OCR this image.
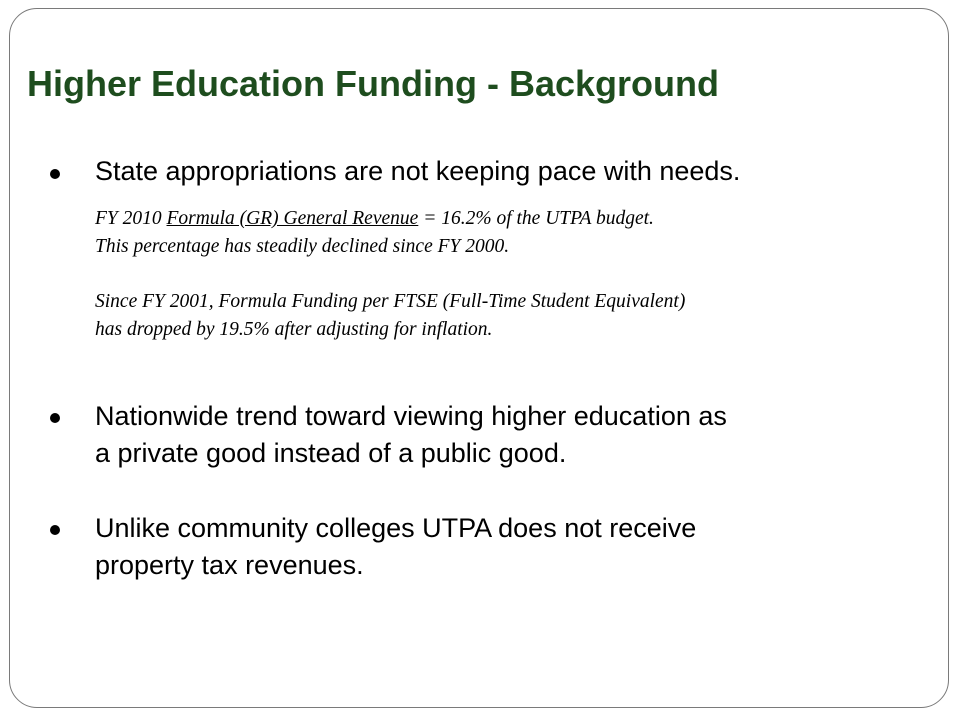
Higher Education Funding - Background

State appropriations are not keeping pace with needs.

FY 2010 Formula (GR) General Revenue = 16.2% of the UTPA budget.
This percentage has steadily declined since FY 2000.

Since FY 2001, Formula Funding per FTSE (Full-Time Student Equivalent)
has dropped by 19.5% after adjusting for inflation.

Nationwide trend toward viewing higher education as
a private good instead of a public good.

Unlike community colleges UTPA does not receive
property tax revenues.
